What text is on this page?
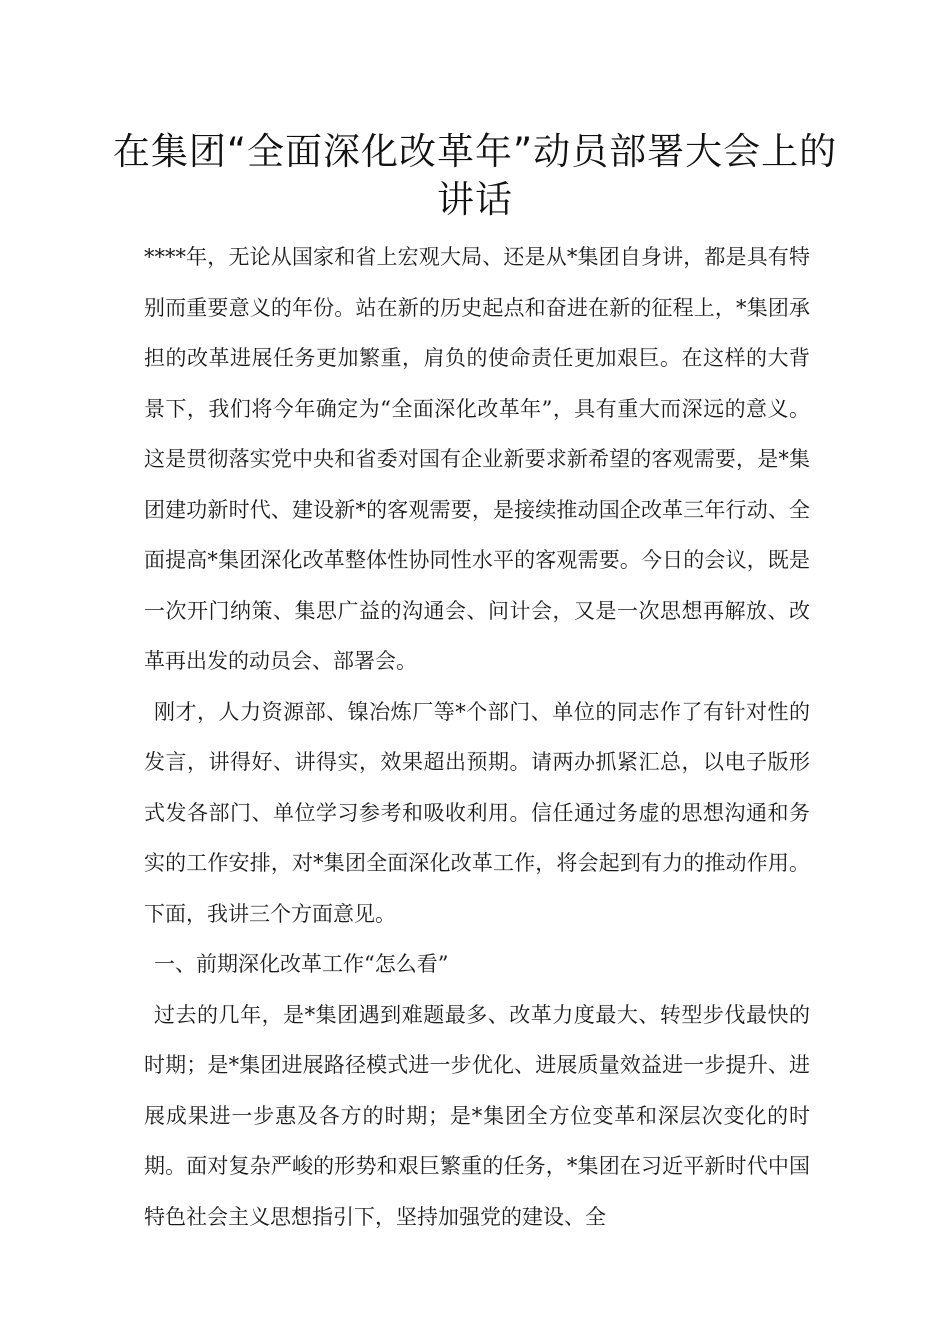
在集团“全面深化改革年”动员部署大会上的讲话

****年，无论从国家和省上宏观大局、还是从*集团自身讲，都是具有特别而重要意义的年份。站在新的历史起点和奋进在新的征程上，*集团承担的改革进展任务更加繁重，肩负的使命责任更加艰巨。在这样的大背景下，我们将今年确定为“全面深化改革年”，具有重大而深远的意义。这是贯彻落实党中央和省委对国有企业新要求新希望的客观需要，是*集团建功新时代、建设新*的客观需要，是接续推动国企改革三年行动、全面提高*集团深化改革整体性协同性水平的客观需要。今日的会议，既是一次开门纳策、集思广益的沟通会、问计会，又是一次思想再解放、改革再出发的动员会、部署会。

刚才，人力资源部、镍冶炼厂等*个部门、单位的同志作了有针对性的发言，讲得好、讲得实，效果超出预期。请两办抓紧汇总，以电子版形式发各部门、单位学习参考和吸收利用。信任通过务虚的思想沟通和务实的工作安排，对*集团全面深化改革工作，将会起到有力的推动作用。下面，我讲三个方面意见。

一、前期深化改革工作“怎么看”

过去的几年，是*集团遇到难题最多、改革力度最大、转型步伐最快的时期；是*集团进展路径模式进一步优化、进展质量效益进一步提升、进展成果进一步惠及各方的时期；是*集团全方位变革和深层次变化的时期。面对复杂严峻的形势和艰巨繁重的任务，*集团在习近平新时代中国特色社会主义思想指引下，坚持加强党的建设、全
